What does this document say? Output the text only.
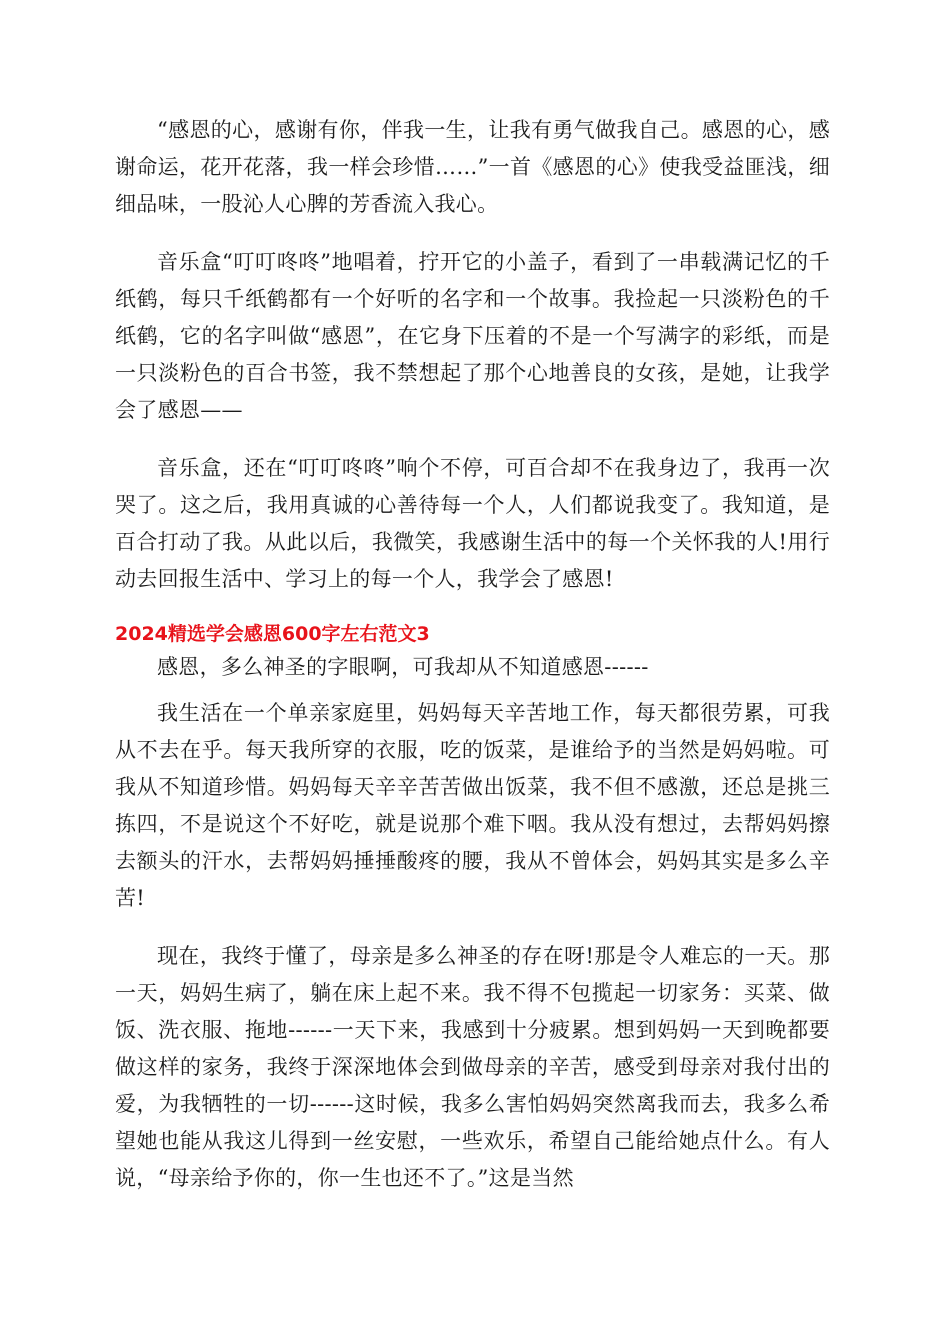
“感恩的心，感谢有你，伴我一生，让我有勇气做我自己。感恩的心，感谢命运，花开花落，我一样会珍惜……”一首《感恩的心》使我受益匪浅，细细品味，一股沁人心脾的芳香流入我心。

音乐盒“叮叮咚咚”地唱着，拧开它的小盖子，看到了一串载满记忆的千纸鹤，每只千纸鹤都有一个好听的名字和一个故事。我捡起一只淡粉色的千纸鹤，它的名字叫做“感恩”，在它身下压着的不是一个写满字的彩纸，而是一只淡粉色的百合书签，我不禁想起了那个心地善良的女孩，是她，让我学会了感恩——

音乐盒，还在“叮叮咚咚”响个不停，可百合却不在我身边了，我再一次哭了。这之后，我用真诚的心善待每一个人，人们都说我变了。我知道，是百合打动了我。从此以后，我微笑，我感谢生活中的每一个关怀我的人!用行动去回报生活中、学习上的每一个人，我学会了感恩!

2024精选学会感恩600字左右范文3

感恩，多么神圣的字眼啊，可我却从不知道感恩------

我生活在一个单亲家庭里，妈妈每天辛苦地工作，每天都很劳累，可我从不去在乎。每天我所穿的衣服，吃的饭菜，是谁给予的当然是妈妈啦。可我从不知道珍惜。妈妈每天辛辛苦苦做出饭菜，我不但不感激，还总是挑三拣四，不是说这个不好吃，就是说那个难下咽。我从没有想过，去帮妈妈擦去额头的汗水，去帮妈妈捶捶酸疼的腰，我从不曾体会，妈妈其实是多么辛苦!

现在，我终于懂了，母亲是多么神圣的存在呀!那是令人难忘的一天。那一天，妈妈生病了，躺在床上起不来。我不得不包揽起一切家务：买菜、做饭、洗衣服、拖地------一天下来，我感到十分疲累。想到妈妈一天到晚都要做这样的家务，我终于深深地体会到做母亲的辛苦，感受到母亲对我付出的爱，为我牺牲的一切------这时候，我多么害怕妈妈突然离我而去，我多么希望她也能从我这儿得到一丝安慰，一些欢乐，希望自己能给她点什么。有人说，“母亲给予你的，你一生也还不了。”这是当然
